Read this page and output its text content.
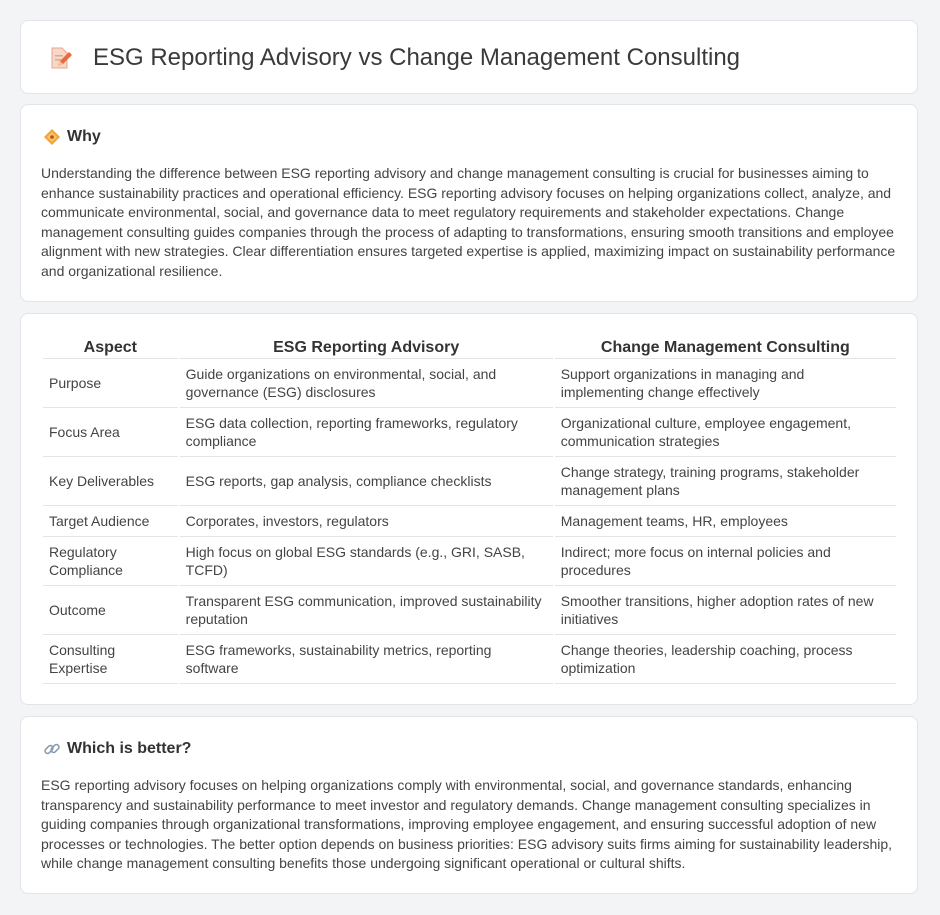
ESG Reporting Advisory vs Change Management Consulting
Why

Understanding the difference between ESG reporting advisory and change management consulting is crucial for businesses aiming to enhance sustainability practices and operational efficiency. ESG reporting advisory focuses on helping organizations collect, analyze, and communicate environmental, social, and governance data to meet regulatory requirements and stakeholder expectations. Change management consulting guides companies through the process of adapting to transformations, ensuring smooth transitions and employee alignment with new strategies. Clear differentiation ensures targeted expertise is applied, maximizing impact on sustainability performance and organizational resilience.

Aspect	ESG Reporting Advisory	Change Management Consulting
Purpose	Guide organizations on environmental, social, and governance (ESG) disclosures	Support organizations in managing and implementing change effectively
Focus Area	ESG data collection, reporting frameworks, regulatory compliance	Organizational culture, employee engagement, communication strategies
Key Deliverables	ESG reports, gap analysis, compliance checklists	Change strategy, training programs, stakeholder management plans
Target Audience	Corporates, investors, regulators	Management teams, HR, employees
Regulatory Compliance	High focus on global ESG standards (e.g., GRI, SASB, TCFD)	Indirect; more focus on internal policies and procedures
Outcome	Transparent ESG communication, improved sustainability reputation	Smoother transitions, higher adoption rates of new initiatives
Consulting Expertise	ESG frameworks, sustainability metrics, reporting software	Change theories, leadership coaching, process optimization
Which is better?

ESG reporting advisory focuses on helping organizations comply with environmental, social, and governance standards, enhancing transparency and sustainability performance to meet investor and regulatory demands. Change management consulting specializes in guiding companies through organizational transformations, improving employee engagement, and ensuring successful adoption of new processes or technologies. The better option depends on business priorities: ESG advisory suits firms aiming for sustainability leadership, while change management consulting benefits those undergoing significant operational or cultural shifts.
